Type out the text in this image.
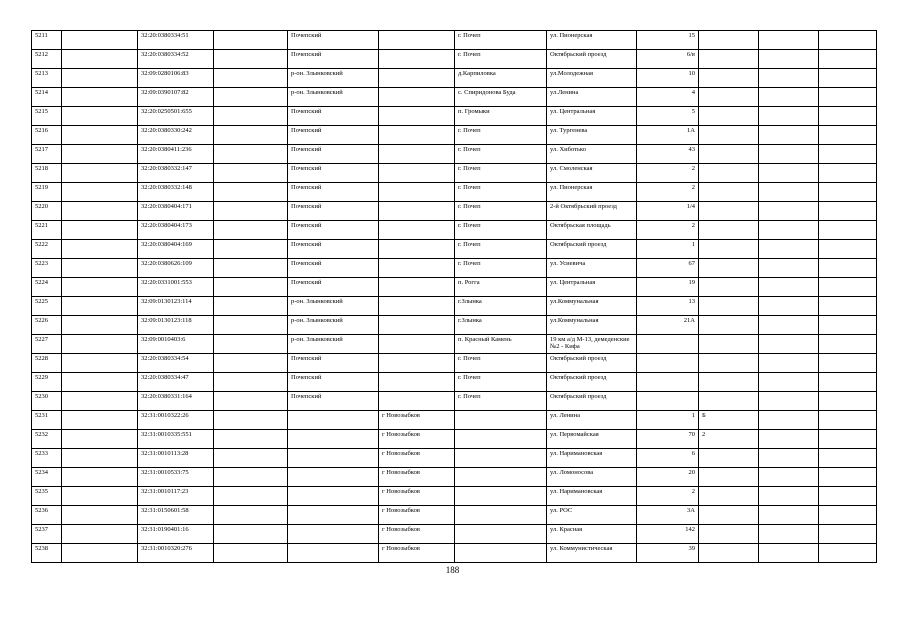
5211		32:20:0380334:51		Почепский		г. Почеп	ул. Пионерская	15			
5212		32:20:0380334:52		Почепский		г. Почеп	Октябрьский проезд	6/в			
5213		32:09:0280106:83		р-он. Злынковский		д.Карпиловка	ул.Молодежная	10			
5214		32:09:0390107:82		р-он. Злынковский		с. Спиридонова Буда	ул.Ленина	4			
5215		32:20:0250501:655		Почепский		п. Громыки	ул. Центральная	5			
5216		32:20:0380330:242		Почепский		г. Почеп	ул. Тургенева	1А			
5217		32:20:0380411:236		Почепский		г. Почеп	ул. Хиботько	43			
5218		32:20:0380332:147		Почепский		г. Почеп	ул. Смоленская	2			
5219		32:20:0380332:148		Почепский		г. Почеп	ул. Пионерская	2			
5220		32:20:0380404:171		Почепский		г. Почеп	2-й Октябрьский проезд	1/4			
5221		32:20:0380404:173		Почепский		г. Почеп	Октябрьская площадь	2			
5222		32:20:0380404:169		Почепский		г. Почеп	Октябрьский проезд	1			
5223		32:20:0380626:109		Почепский		г. Почеп	ул. Усиевича	67			
5224		32:20:0331001:553		Почепский		п. Рогга	ул. Центральная	19			
5225		32:09:0130123:114		р-он. Злынковский		г.Злынка	ул.Коммунальная	13			
5226		32:09:0130123:118		р-он. Злынковский		г.Злынка	ул.Коммунальная	21А			
5227		32:09:0010403:6		р-он. Злынковский		п. Красный Камень	19 км а/д М-13, демеденские №2 - Кифа				
5228		32:20:0380334:54		Почепский		г. Почеп	Октябрьский проезд				
5229		32:20:0380334:47		Почепский		г. Почеп	Октябрьский проезд				
5230		32:20:0380331:164		Почепский		г. Почеп	Октябрьский проезд				
5231		32:31:0010322:26			г Новозыбков		ул. Ленина	1	Б		
5232		32:31:0010335:551			г Новозыбков		ул. Первомайская	70	2		
5233		32:31:0010113:28			г Новозыбков		ул. Наримановская	6			
5234		32:31:0010533:75			г Новозыбков		ул. Ломоносова	20			
5235		32:31:0010117:23			г Новозыбков		ул. Наримановская	2			
5236		32:31:0150601:58			г Новозыбков		ул. РОС	3А			
5237		32:31:0190401:16			г Новозыбков		ул. Красная	142			
5238		32:31:0010320:276			г Новозыбков		ул. Коммунистическая	39			
188
